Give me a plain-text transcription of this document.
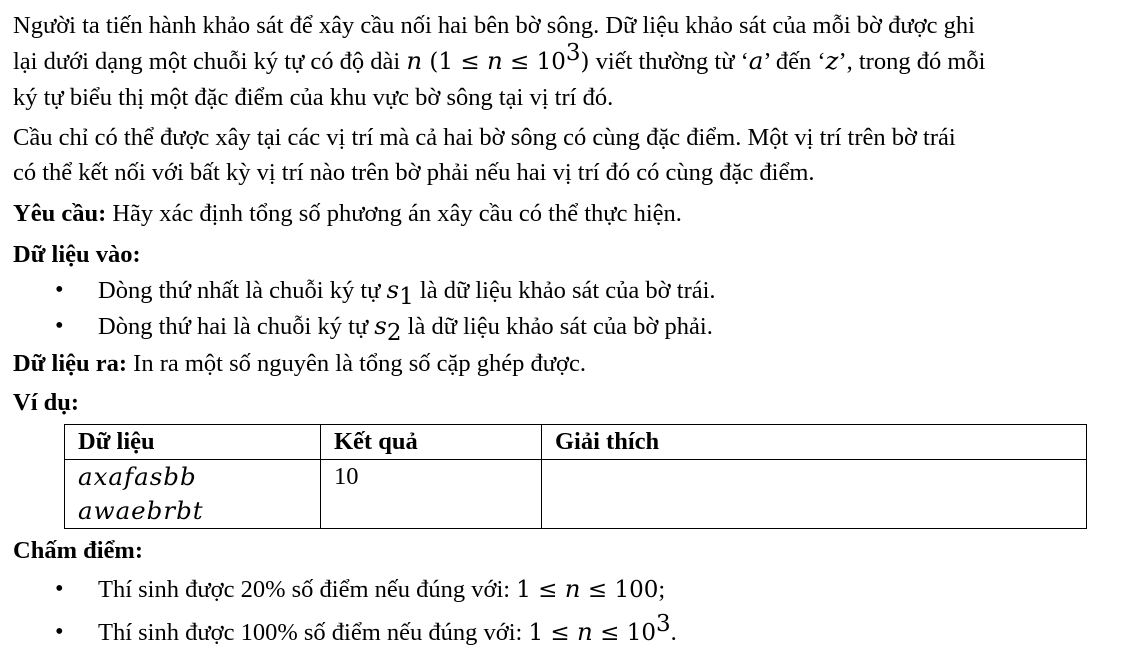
Người ta tiến hành khảo sát để xây cầu nối hai bên bờ sông. Dữ liệu khảo sát của mỗi bờ được ghi
lại dưới dạng một chuỗi ký tự có độ dài n $(1 \le n \le 10^3)$ viết thường từ ‘a’ đến ‘z’, trong đó mỗi
ký tự biểu thị một đặc điểm của khu vực bờ sông tại vị trí đó.

Cầu chỉ có thể được xây tại các vị trí mà cả hai bờ sông có cùng đặc điểm. Một vị trí trên bờ trái
có thể kết nối với bất kỳ vị trí nào trên bờ phải nếu hai vị trí đó có cùng đặc điểm.

Yêu cầu: Hãy xác định tổng số phương án xây cầu có thể thực hiện.
Dữ liệu vào:
• Dòng thứ nhất là chuỗi ký tự $s_1$ là dữ liệu khảo sát của bờ trái.
• Dòng thứ hai là chuỗi ký tự $s_2$ là dữ liệu khảo sát của bờ phải.
Dữ liệu ra: In ra một số nguyên là tổng số cặp ghép được.
Ví dụ:
Dữ liệu	Kết quả	Giải thích

axafasbb
awaebrbt	10	
Chấm điểm:
• Thí sinh được 20% số điểm nếu đúng với: 1 ≤ n ≤ 100;
• Thí sinh được 100% số điểm nếu đúng với: $1 \le n \le 10^3$.
